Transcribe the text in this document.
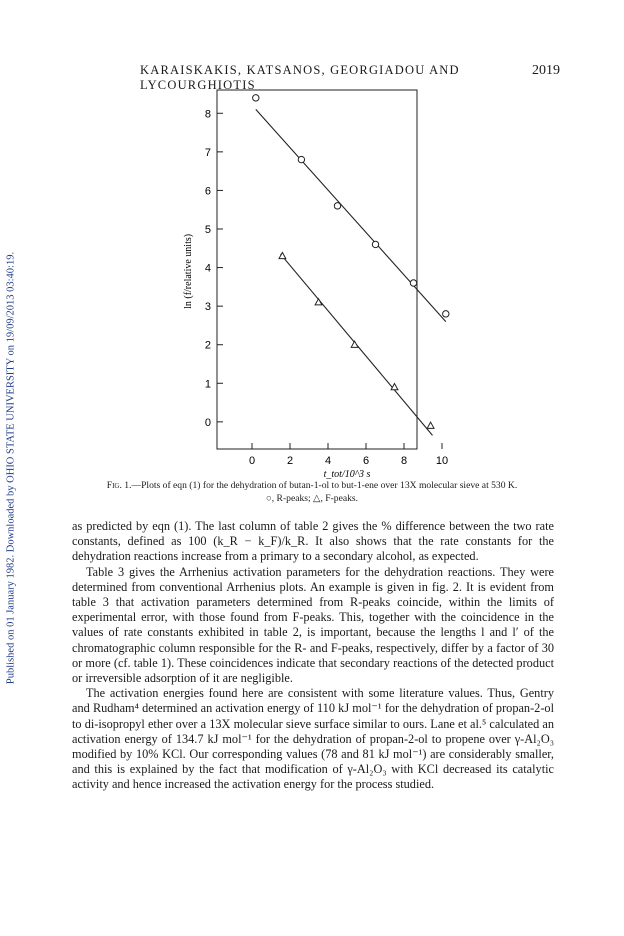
KARAISKAKIS, KATSANOS, GEORGIADOU AND LYCOURGHIOTIS
2019
Published on 01 January 1982. Downloaded by OHIO STATE UNIVERSITY on 19/09/2013 03:40:19.	0
1
2
3
4
5
6
7
8
0	2	4	6	8	10
t_tot/10^3 s
ln (f/relative units)
Fig. 1.—Plots of eqn (1) for the dehydration of butan-1-ol to but-1-ene over 13X molecular sieve at 530 K.
○, R-peaks; △, F-peaks.

as predicted by eqn (1). The last column of table 2 gives the % difference between the two rate constants, defined as 100 (k_R − k_F)/k_R. It also shows that the rate constants for the dehydration reactions increase from a primary to a secondary alcohol, as expected.

Table 3 gives the Arrhenius activation parameters for the dehydration reactions. They were determined from conventional Arrhenius plots. An example is given in fig. 2. It is evident from table 3 that activation parameters determined from R-peaks coincide, within the limits of experimental error, with those found from F-peaks. This, together with the coincidence in the values of rate constants exhibited in table 2, is important, because the lengths l and l′ of the chromatographic column responsible for the R- and F-peaks, respectively, differ by a factor of 30 or more (cf. table 1). These coincidences indicate that secondary reactions of the detected product or irreversible adsorption of it are negligible.

The activation energies found here are consistent with some literature values. Thus, Gentry and Rudham⁴ determined an activation energy of 110 kJ mol⁻¹ for the dehydration of propan-2-ol to di-isopropyl ether over a 13X molecular sieve surface similar to ours. Lane et al.⁵ calculated an activation energy of 134.7 kJ mol⁻¹ for the dehydration of propan-2-ol to propene over γ-Al₂O₃ modified by 10% KCl. Our corresponding values (78 and 81 kJ mol⁻¹) are considerably smaller, and this is explained by the fact that modification of γ-Al₂O₃ with KCl decreased its catalytic activity and hence increased the activation energy for the process studied.
